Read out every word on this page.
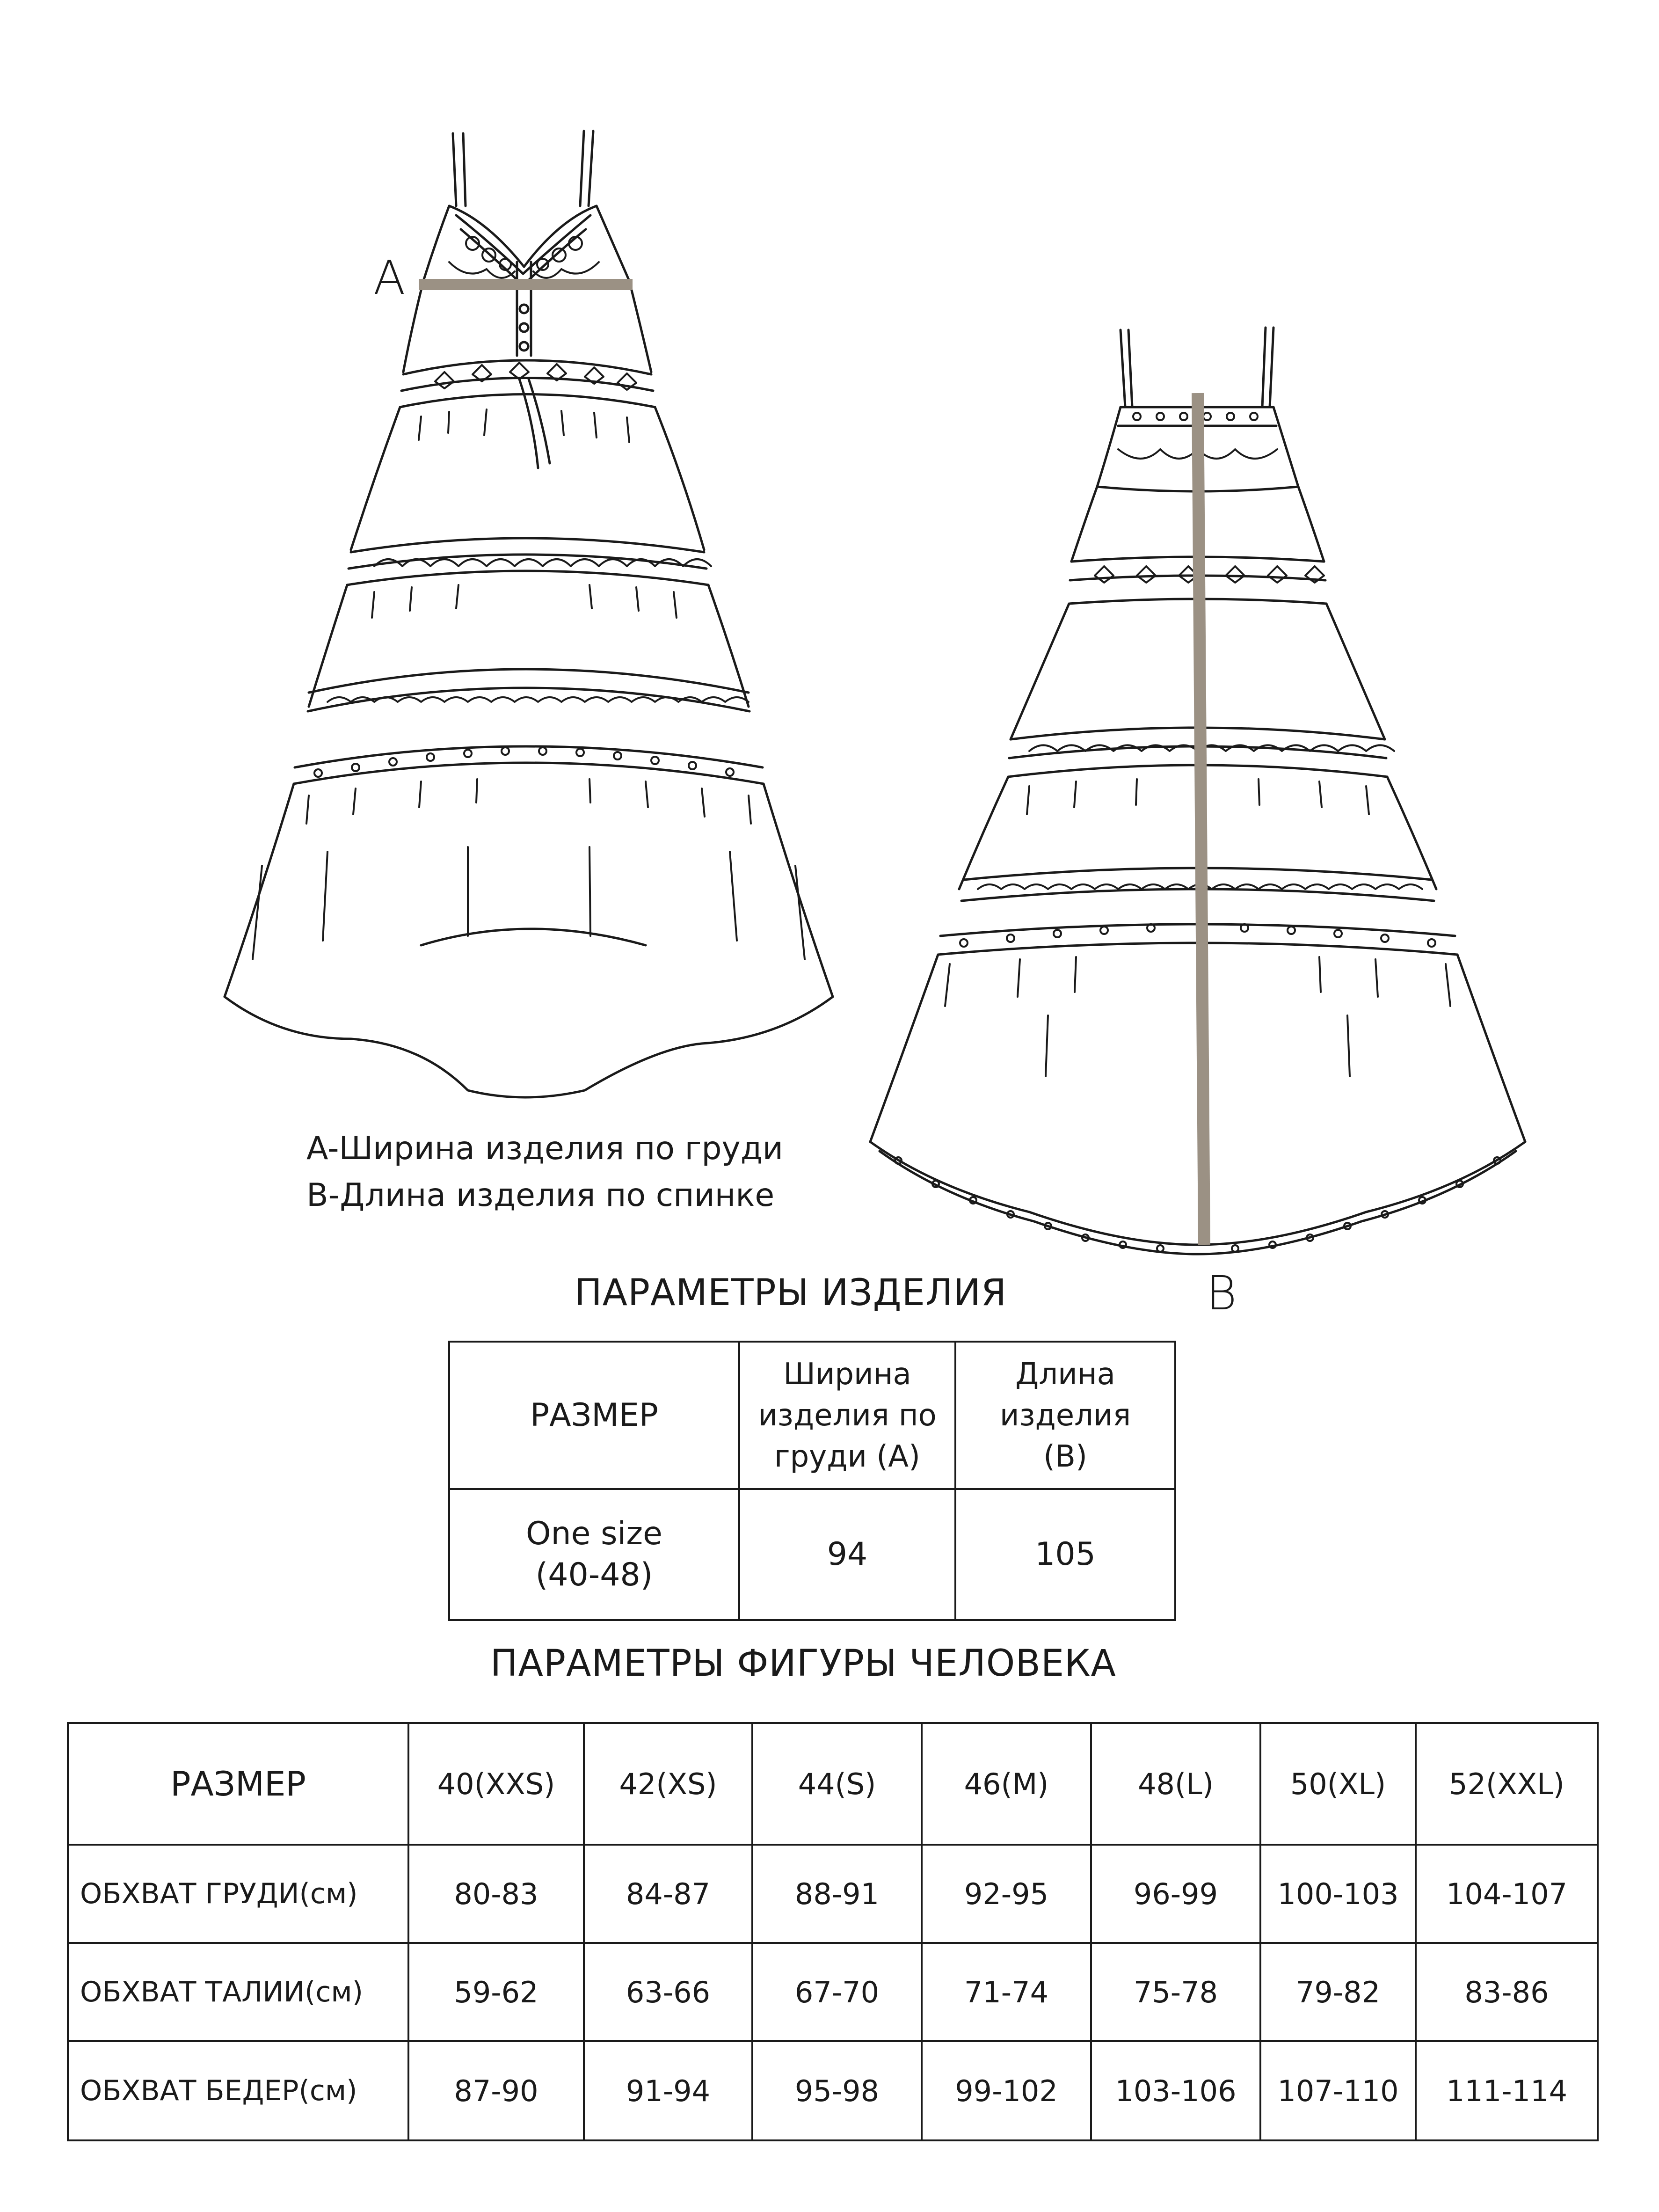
A
B
A-Ширина изделия по груди
B-Длина изделия по спинке
ПАРАМЕТРЫ ИЗДЕЛИЯ
РАЗМЕР	Ширина изделия по груди (А)	Длина изделия (В)

One size
(40-48)	94	105
ПАРАМЕТРЫ ФИГУРЫ ЧЕЛОВЕКА
РАЗМЕР	40(XXS)	42(XS)	44(S)	46(M)	48(L)	50(XL)	52(XXL)
ОБХВАТ ГРУДИ(см)	80-83	84-87	88-91	92-95	96-99	100-103	104-107
ОБХВАТ ТАЛИИ(см)	59-62	63-66	67-70	71-74	75-78	79-82	83-86
ОБХВАТ БЕДЕР(см)	87-90	91-94	95-98	99-102	103-106	107-110	111-114
